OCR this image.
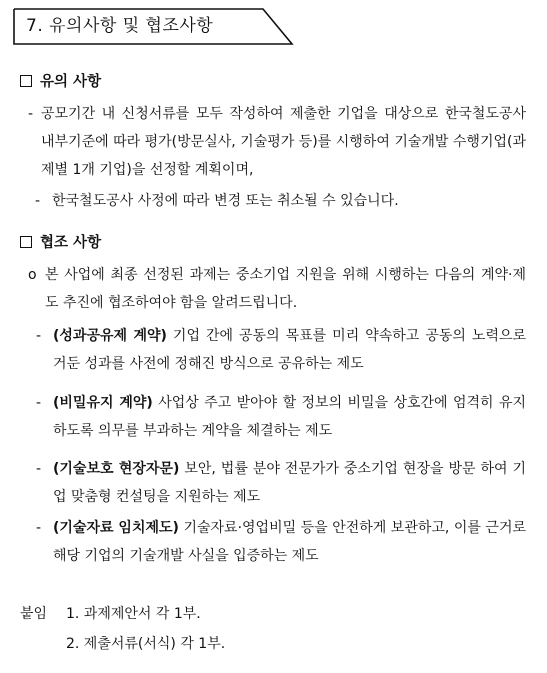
7. 유의사항 및 협조사항
유의 사항
- 공모기간 내 신청서류를 모두 작성하여 제출한 기업을 대상으로 한국철도공사 내부기준에 따라 평가(방문실사, 기술평가 등)를 시행하여 기술개발 수행기업(과제별 1개 기업)을 선정할 계획이며,
- 한국철도공사 사정에 따라 변경 또는 취소될 수 있습니다.
협조 사항
o 본 사업에 최종 선정된 과제는 중소기업 지원을 위해 시행하는 다음의 계약·제도 추진에 협조하여야 함을 알려드립니다.
- (성과공유제 계약) 기업 간에 공동의 목표를 미리 약속하고 공동의 노력으로 거둔 성과를 사전에 정해진 방식으로 공유하는 제도
- (비밀유지 계약) 사업상 주고 받아야 할 정보의 비밀을 상호간에 엄격히 유지하도록 의무를 부과하는 계약을 체결하는 제도
- (기술보호 현장자문) 보안, 법률 분야 전문가가 중소기업 현장을 방문 하여 기업 맞춤형 컨설팅을 지원하는 제도
- (기술자료 임치제도) 기술자료·영업비밀 등을 안전하게 보관하고, 이를 근거로 해당 기업의 기술개발 사실을 입증하는 제도
붙임 1. 과제제안서 각 1부.
2. 제출서류(서식) 각 1부.
